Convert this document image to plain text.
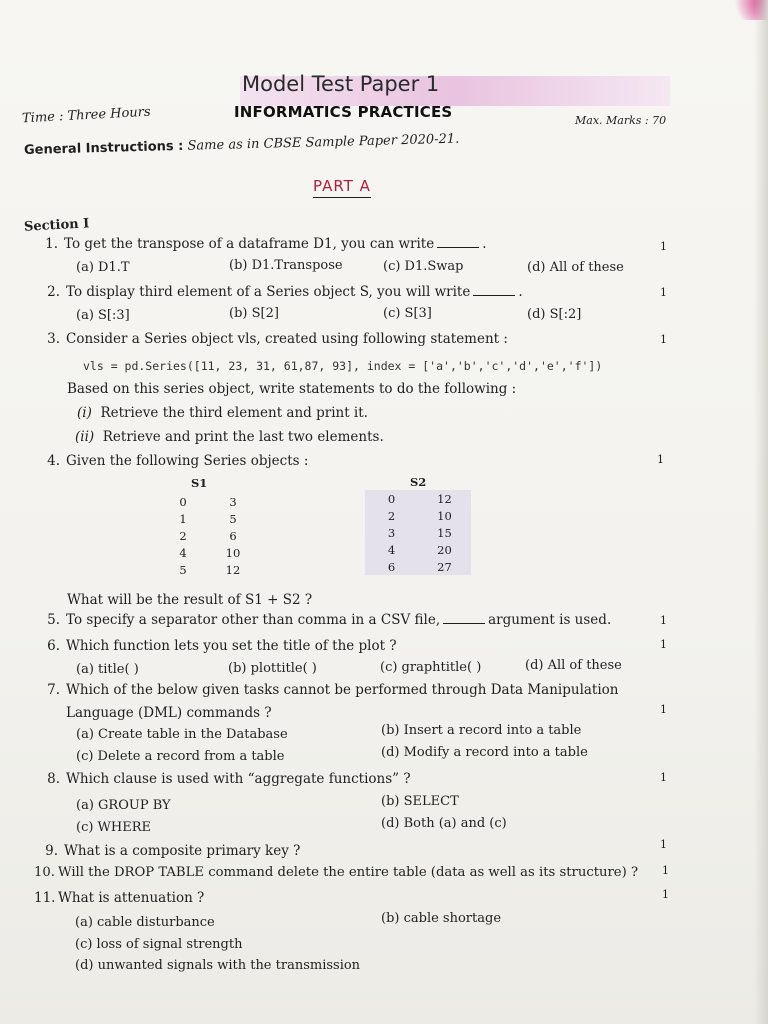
Model Test Paper 1
INFORMATICS PRACTICES
Time : Three Hours	Max. Marks : 70
General Instructions : Same as in CBSE Sample Paper 2020-21.
PART A
Section I
1. To get the transpose of a dataframe D1, you can write	.	1
(a) D1.T	(b) D1.Transpose	(c) D1.Swap	(d) All of these
2. To display third element of a Series object S, you will write	.	1
(a) S[:3]	(b) S[2]	(c) S[3]	(d) S[:2]
3. Consider a Series object vls, created using following statement :	1
vls = pd.Series([11, 23, 31, 61,87, 93], index = ['a','b','c','d','e','f'])
Based on this series object, write statements to do the following :
(i) Retrieve the third element and print it.
(ii) Retrieve and print the last two elements.
4. Given the following Series objects :	1
S1	S2
0	3
1	5
2	6
4	10
5	12
0	12
2	10
3	15
4	20
6	27
What will be the result of S1 + S2 ?
5. To specify a separator other than comma in a CSV file,	argument is used.	1
6. Which function lets you set the title of the plot ?	1
(a) title( )	(b) plottitle( )	(c) graphtitle( )	(d) All of these
7. Which of the below given tasks cannot be performed through Data Manipulation
Language (DML) commands ?	1
(a) Create table in the Database	(b) Insert a record into a table
(c) Delete a record from a table	(d) Modify a record into a table
8. Which clause is used with “aggregate functions” ?	1
(a) GROUP BY	(b) SELECT
(c) WHERE	(d) Both (a) and (c)
9. What is a composite primary key ?	1
10. Will the DROP TABLE command delete the entire table (data as well as its structure) ? 1
11. What is attenuation ?	1
(a) cable disturbance	(b) cable shortage
(c) loss of signal strength
(d) unwanted signals with the transmission
